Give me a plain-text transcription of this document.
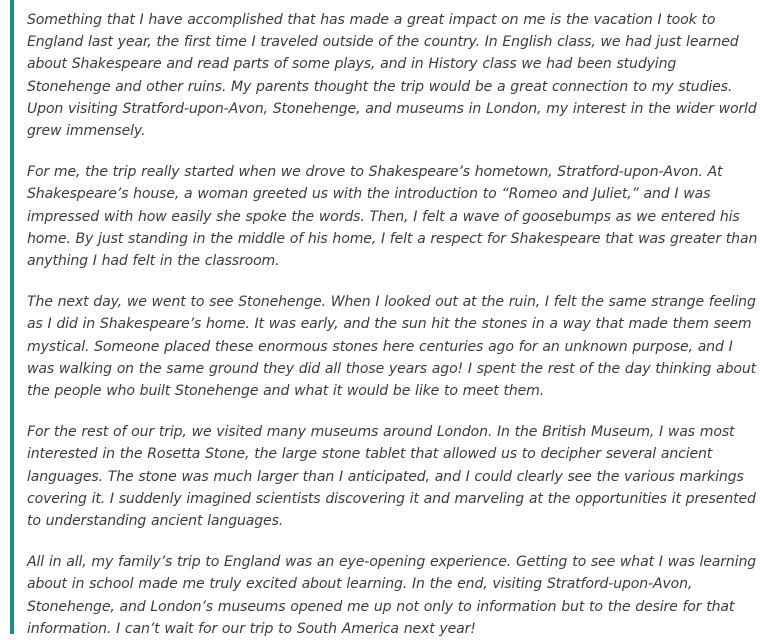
Something that I have accomplished that has made a great impact on me is the vacation I took to England last year, the first time I traveled outside of the country. In English class, we had just learned about Shakespeare and read parts of some plays, and in History class we had been studying Stonehenge and other ruins. My parents thought the trip would be a great connection to my studies. Upon visiting Stratford-upon-Avon, Stonehenge, and museums in London, my interest in the wider world grew immensely.

For me, the trip really started when we drove to Shakespeare’s hometown, Stratford-upon-Avon. At Shakespeare’s house, a woman greeted us with the introduction to “Romeo and Juliet,” and I was impressed with how easily she spoke the words. Then, I felt a wave of goosebumps as we entered his home. By just standing in the middle of his home, I felt a respect for Shakespeare that was greater than anything I had felt in the classroom.

The next day, we went to see Stonehenge. When I looked out at the ruin, I felt the same strange feeling as I did in Shakespeare’s home. It was early, and the sun hit the stones in a way that made them seem mystical. Someone placed these enormous stones here centuries ago for an unknown purpose, and I was walking on the same ground they did all those years ago! I spent the rest of the day thinking about the people who built Stonehenge and what it would be like to meet them.

For the rest of our trip, we visited many museums around London. In the British Museum, I was most interested in the Rosetta Stone, the large stone tablet that allowed us to decipher several ancient languages. The stone was much larger than I anticipated, and I could clearly see the various markings covering it. I suddenly imagined scientists discovering it and marveling at the opportunities it presented to understanding ancient languages.

All in all, my family’s trip to England was an eye-opening experience. Getting to see what I was learning about in school made me truly excited about learning. In the end, visiting Stratford-upon-Avon, Stonehenge, and London’s museums opened me up not only to information but to the desire for that information. I can’t wait for our trip to South America next year!
